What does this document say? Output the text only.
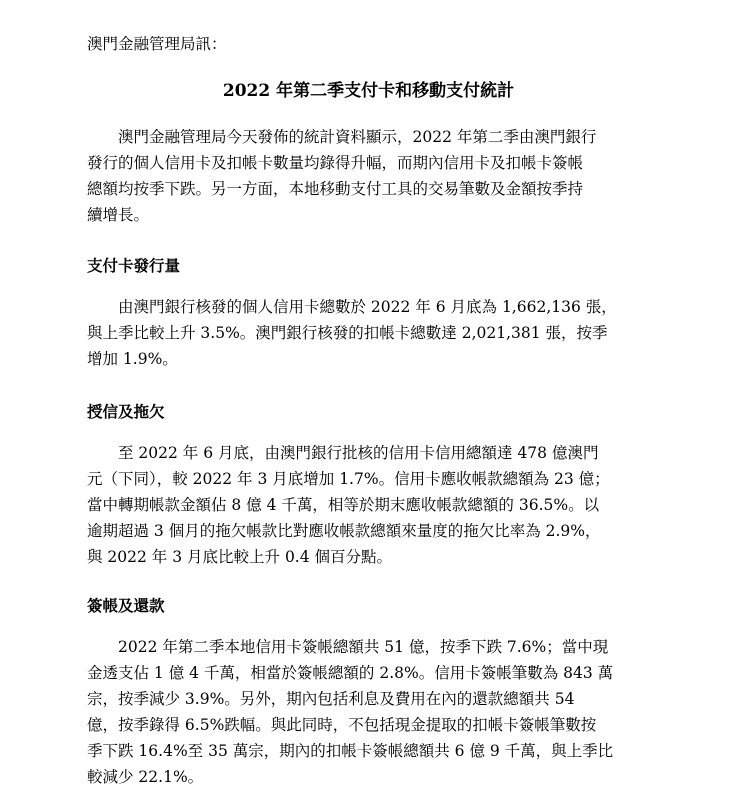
澳門金融管理局訊：
2022 年第二季支付卡和移動支付統計
　　澳門金融管理局今天發佈的統計資料顯示，2022 年第二季由澳門銀行
發行的個人信用卡及扣帳卡數量均錄得升幅，而期內信用卡及扣帳卡簽帳
總額均按季下跌。另一方面，本地移動支付工具的交易筆數及金額按季持
續增長。
支付卡發行量
　　由澳門銀行核發的個人信用卡總數於 2022 年 6 月底為 1,662,136 張，
與上季比較上升 3.5%。澳門銀行核發的扣帳卡總數達 2,021,381 張，按季
增加 1.9%。
授信及拖欠
　　至 2022 年 6 月底，由澳門銀行批核的信用卡信用總額達 478 億澳門
元（下同），較 2022 年 3 月底增加 1.7%。信用卡應收帳款總額為 23 億；
當中轉期帳款金額佔 8 億 4 千萬，相等於期末應收帳款總額的 36.5%。以
逾期超過 3 個月的拖欠帳款比對應收帳款總額來量度的拖欠比率為 2.9%，
與 2022 年 3 月底比較上升 0.4 個百分點。
簽帳及還款
　　2022 年第二季本地信用卡簽帳總額共 51 億，按季下跌 7.6%；當中現
金透支佔 1 億 4 千萬，相當於簽帳總額的 2.8%。信用卡簽帳筆數為 843 萬
宗，按季減少 3.9%。另外，期內包括利息及費用在內的還款總額共 54
億，按季錄得 6.5%跌幅。與此同時，不包括現金提取的扣帳卡簽帳筆數按
季下跌 16.4%至 35 萬宗，期內的扣帳卡簽帳總額共 6 億 9 千萬，與上季比
較減少 22.1%。
